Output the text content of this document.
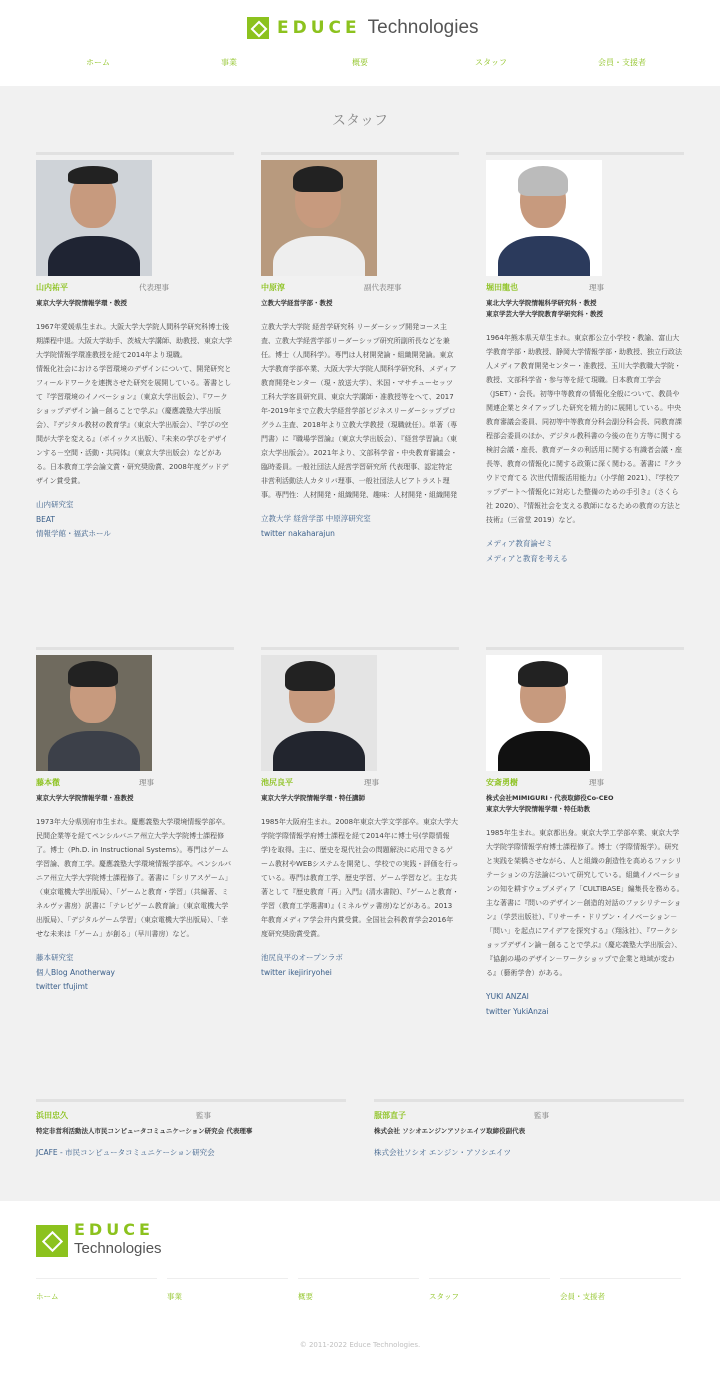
EDUCE Technologies
ホーム	事業	概要	スタッフ	会員・支援者
スタッフ
山内祐平	代表理事
東京大学大学院情報学環・教授
1967年愛媛県生まれ。大阪大学大学院人間科学研究科博士後期課程中退。大阪大学助手、茨城大学講師、助教授、東京大学大学院情報学環准教授を経て2014年より現職。
情報化社会における学習環境のデザインについて、開発研究とフィールドワークを連携させた研究を展開している。著書として『学習環境のイノベーション』（東京大学出版会）、『ワークショップデザイン論－創ることで学ぶ』（慶應義塾大学出版会）、『デジタル教材の教育学』（東京大学出版会）、『学びの空間が大学を変える』（ボイックス出版）、『未来の学びをデザインする－空間・活動・共同体』（東京大学出版会）などがある。日本教育工学会論文賞・研究奨励賞、2008年度グッドデザイン賞受賞。
山内研究室
BEAT
情報学館・福武ホール
中原淳	副代表理事
立教大学経営学部・教授
立教大学大学院 経営学研究科 リーダーシップ開発コース主査、立教大学経営学部リーダーシップ研究所副所長などを兼任。博士（人間科学）。専門は人材開発論・組織開発論。東京大学教育学部卒業、大阪大学大学院人間科学研究科、メディア教育開発センター（現・放送大学）、米国・マサチューセッツ工科大学客員研究員、東京大学講師・准教授等をへて、2017年-2019年まで立教大学経営学部ビジネスリーダーシッププログラム主査、2018年より立教大学教授（現職就任）。単著（専門書）に『職場学習論』（東京大学出版会）、『経営学習論』（東京大学出版会）。2021年より、文部科学省・中央教育審議会・臨時委員。一般社団法人経営学習研究所 代表理事、認定特定非営利活動法人カタリバ理事、一般社団法人ビアトラスト理事。専門性：人材開発・組織開発、趣味：人材開発・組織開発
立教大学 経営学部 中原淳研究室
twitter nakaharajun
堀田龍也	理事
東北大学大学院情報科学研究科・教授
東京学芸大学大学院教育学研究科・教授
1964年熊本県天草生まれ。東京都公立小学校・教諭、富山大学教育学部・助教授、静岡大学情報学部・助教授、独立行政法人メディア教育開発センター・准教授、玉川大学教職大学院・教授、文部科学省・参与等を経て現職。日本教育工学会（JSET）・会長。初等中等教育の情報化全般について、教員や関連企業とタイアップした研究を精力的に展開している。中央教育審議会委員、同初等中等教育分科会副分科会長、同教育課程部会委員のほか、デジタル教科書の今後の在り方等に関する検討会議・座長、教育データの利活用に関する有識者会議・座長等、教育の情報化に関する政策に深く関わる。著書に『クラウドで育てる 次世代情報活用能力』（小学館 2021）、『学校アップデート～情報化に対応した整備のための手引き』（さくら社 2020）、『情報社会を支える教師になるための教育の方法と技術』（三省堂 2019）など。
メディア教育論ゼミ
メディアと教育を考える
藤本徹	理事
東京大学大学院情報学環・准教授
1973年大分県別府市生まれ。慶應義塾大学環境情報学部卒。民間企業等を経てペンシルバニア州立大学大学院博士課程修了。博士（Ph.D. in Instructional Systems）。専門はゲーム学習論、教育工学。慶應義塾大学環境情報学部卒。ペンシルバニア州立大学大学院博士課程修了。著書に「シリアスゲーム」（東京電機大学出版局）、「ゲームと教育・学習」（共編著、ミネルヴァ書房）訳書に「テレビゲーム教育論」（東京電機大学出版局）、「デジタルゲーム学習」（東京電機大学出版局）、「幸せな未来は「ゲーム」が創る」（早川書房）など。
藤本研究室
個人Blog Anotherway
twitter tfujimt
池尻良平	理事
東京大学大学院情報学環・特任講師
1985年大阪府生まれ。2008年東京大学文学部卒。東京大学大学院学際情報学府博士課程を経て2014年に博士号(学際情報学)を取得。主に、歴史を現代社会の問題解決に応用できるゲーム教材やWEBシステムを開発し、学校での実践・評価を行っている。専門は教育工学、歴史学習、ゲーム学習など。主な共著として『歴史教育「再」入門』(清水書院)、『ゲームと教育・学習（教育工学選書Ⅱ）』(ミネルヴァ書房)などがある。2013年教育メディア学会井内賞受賞。全国社会科教育学会2016年度研究奨励賞受賞。
池尻良平のオープンラボ
twitter ikejiriryohei
安斎勇樹	理事
株式会社MIMIGURI・代表取締役Co-CEO
東京大学大学院情報学環・特任助教
1985年生まれ。東京都出身。東京大学工学部卒業、東京大学大学院学際情報学府博士課程修了。博士（学際情報学）。研究と実践を架橋させながら、人と組織の創造性を高めるファシリテーションの方法論について研究している。組織イノベーションの知を耕すウェブメディア「CULTIBASE」編集長を務める。主な著書に『問いのデザイン－創造的対話のファシリテーション』（学芸出版社）、『リサーチ・ドリブン・イノベーション－「問い」を起点にアイデアを探究する』（翔泳社）、『ワークショップデザイン論－創ることで学ぶ』（慶応義塾大学出版会）、『協創の場のデザイン－ワークショップで企業と地域が変わる』（藝術学舎）がある。
YUKI ANZAI
twitter YukiAnzai
浜田忠久	監事
特定非営利活動法人市民コンピュータコミュニケーション研究会 代表理事
JCAFE - 市民コンピュータコミュニケーション研究会
服部直子	監事
株式会社 ソシオエンジンアソシエイツ取締役副代表
株式会社ソシオ エンジン・アソシエイツ
EDUCE
Technologies
ホーム	事業	概要	スタッフ	会員・支援者
© 2011-2022 Educe Technologies.
